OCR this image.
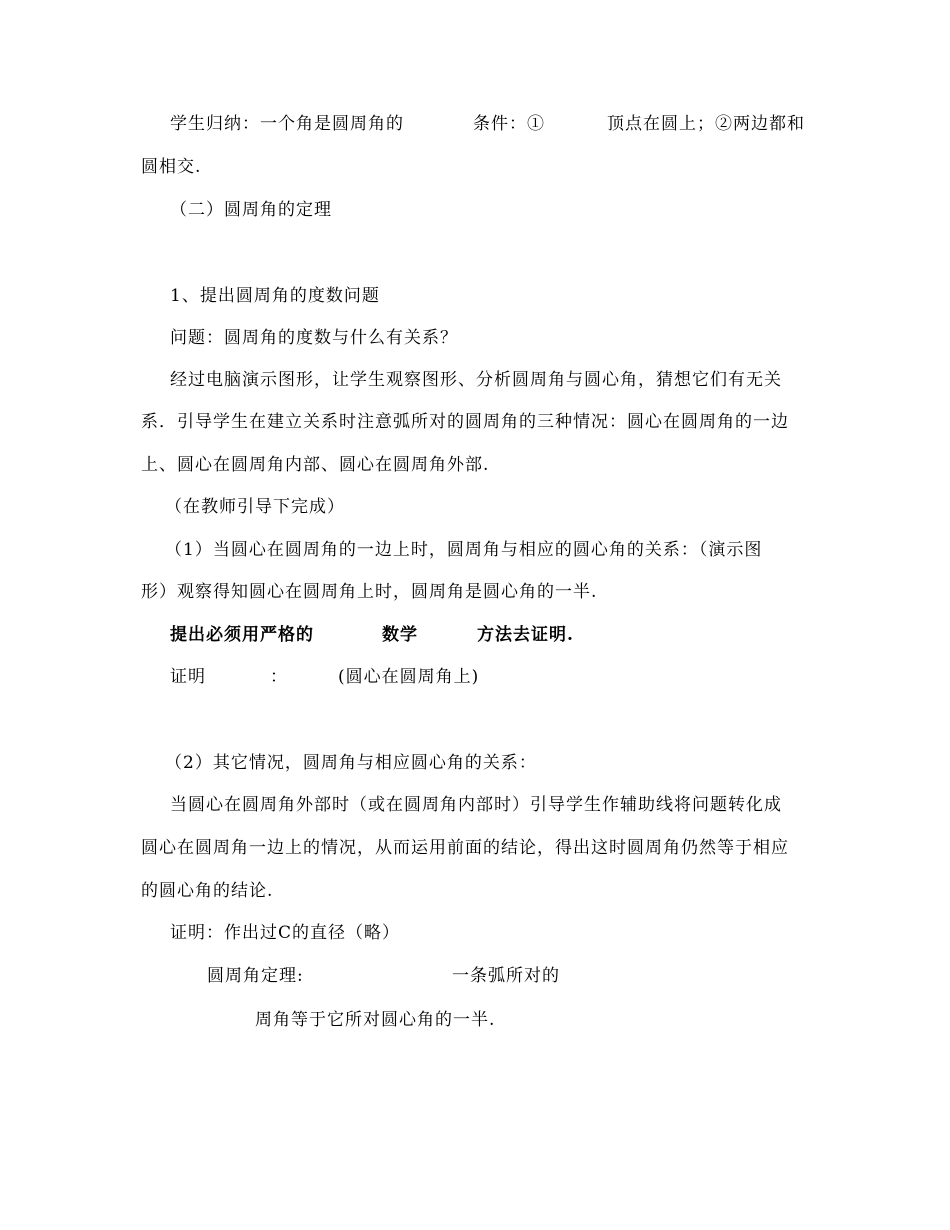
学生归纳：一个角是圆周角的	条件：①	顶点在圆上；②两边都和
圆相交.
（二）圆周角的定理
1、提出圆周角的度数问题
问题：圆周角的度数与什么有关系？
经过电脑演示图形，让学生观察图形、分析圆周角与圆心角，猜想它们有无关
系．引导学生在建立关系时注意弧所对的圆周角的三种情况：圆心在圆周角的一边
上、圆心在圆周角内部、圆心在圆周角外部.
（在教师引导下完成）
（1）当圆心在圆周角的一边上时，圆周角与相应的圆心角的关系：（演示图
形）观察得知圆心在圆周角上时，圆周角是圆心角的一半.
提出必须用严格的	数学	方法去证明.
证明	：	(圆心在圆周角上)
（2）其它情况，圆周角与相应圆心角的关系：
当圆心在圆周角外部时（或在圆周角内部时）引导学生作辅助线将问题转化成
圆心在圆周角一边上的情况，从而运用前面的结论，得出这时圆周角仍然等于相应
的圆心角的结论.
证明：作出过C的直径（略）
圆周角定理:	一条弧所对的
周角等于它所对圆心角的一半.
